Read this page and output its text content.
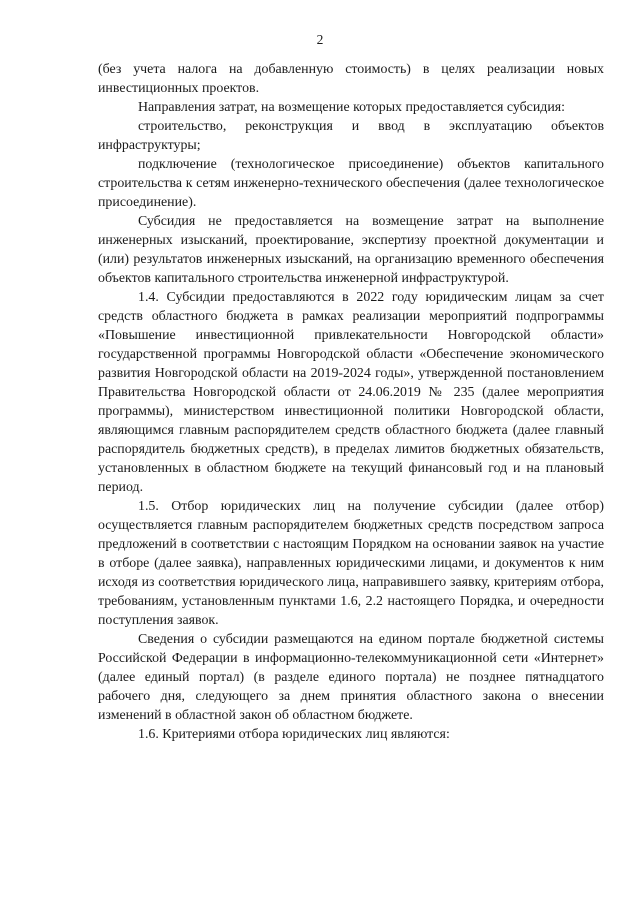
2

(без учета налога на добавленную стоимость) в целях реализации новых инвестиционных проектов.

Направления затрат, на возмещение которых предоставляется субсидия:

строительство, реконструкция и ввод в эксплуатацию объектов инфраструктуры;

подключение (технологическое присоединение) объектов капитального строительства к сетям инженерно-технического обеспечения (далее технологическое присоединение).

Субсидия не предоставляется на возмещение затрат на выполнение инженерных изысканий, проектирование, экспертизу проектной документации и (или) результатов инженерных изысканий, на организацию временного обеспечения объектов капитального строительства инженерной инфраструктурой.

1.4. Субсидии предоставляются в 2022 году юридическим лицам за счет средств областного бюджета в рамках реализации мероприятий подпрограммы «Повышение инвестиционной привлекательности Новгородской области» государственной программы Новгородской области «Обеспечение экономического развития Новгородской области на 2019-2024 годы», утвержденной постановлением Правительства Новгородской области от 24.06.2019 № 235 (далее мероприятия программы), министерством инвестиционной политики Новгородской области, являющимся главным распорядителем средств областного бюджета (далее главный распорядитель бюджетных средств), в пределах лимитов бюджетных обязательств, установленных в областном бюджете на текущий финансовый год и на плановый период.

1.5. Отбор юридических лиц на получение субсидии (далее отбор) осуществляется главным распорядителем бюджетных средств посредством запроса предложений в соответствии с настоящим Порядком на основании заявок на участие в отборе (далее заявка), направленных юридическими лицами, и документов к ним исходя из соответствия юридического лица, направившего заявку, критериям отбора, требованиям, установленным пунктами 1.6, 2.2 настоящего Порядка, и очередности поступления заявок.

Сведения о субсидии размещаются на едином портале бюджетной системы Российской Федерации в информационно-телекоммуникационной сети «Интернет» (далее единый портал) (в разделе единого портала) не позднее пятнадцатого рабочего дня, следующего за днем принятия областного закона о внесении изменений в областной закон об областном бюджете.

1.6. Критериями отбора юридических лиц являются:
